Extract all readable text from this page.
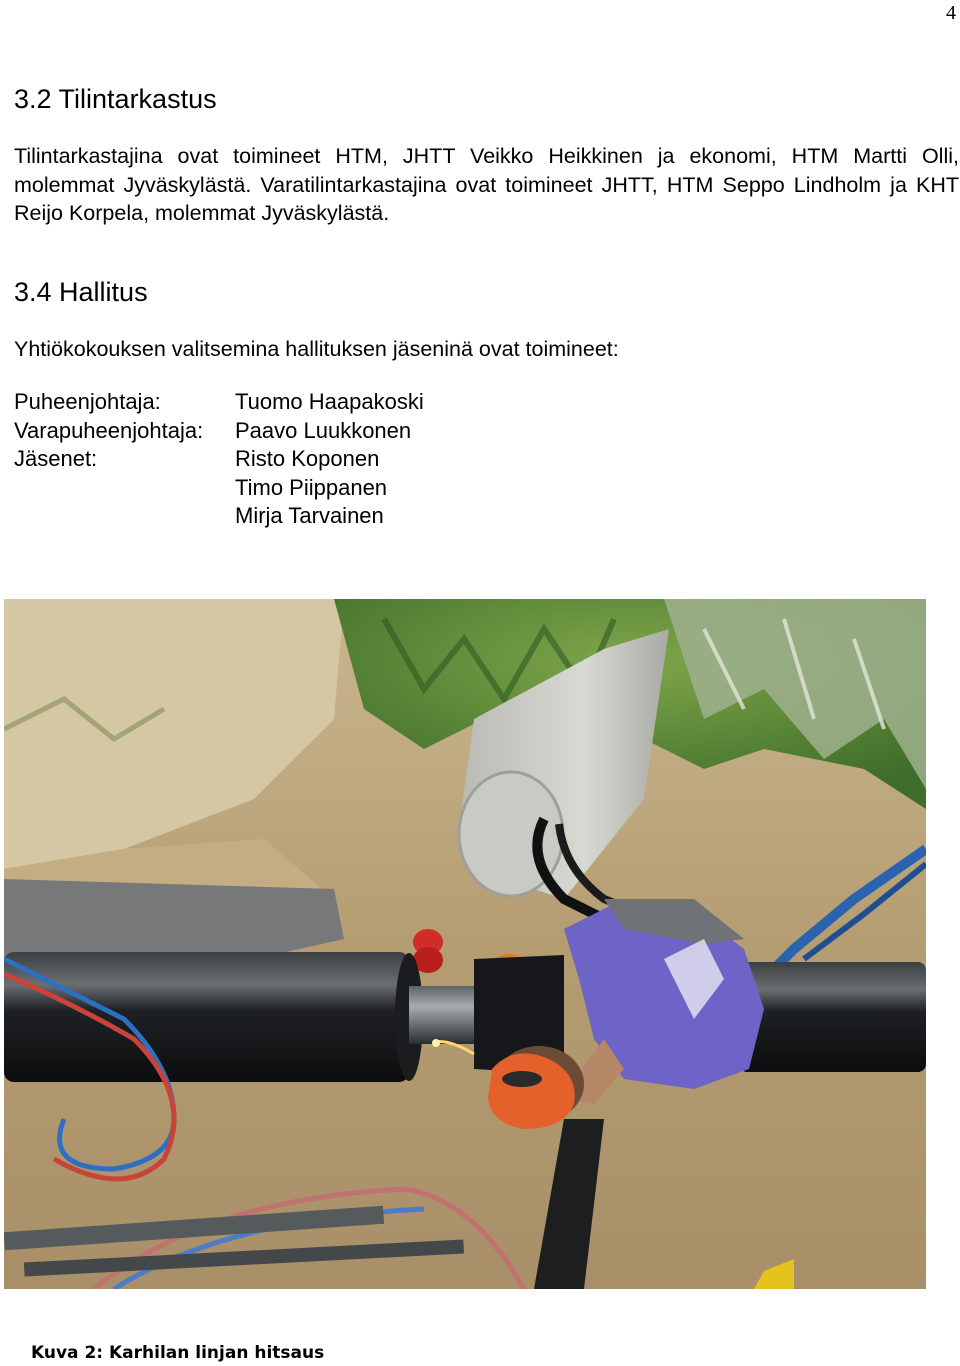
4
3.2 Tilintarkastus

Tilintarkastajina ovat toimineet HTM, JHTT Veikko Heikkinen ja ekonomi, HTM Martti Olli, molemmat Jyväskylästä. Varatilintarkastajina ovat toimineet JHTT, HTM Seppo Lindholm ja KHT Reijo Korpela, molemmat Jyväskylästä.

3.4 Hallitus

Yhtiökokouksen valitsemina hallituksen jäseninä ovat toimineet:

Puheenjohtaja:	Tuomo Haapakoski
Varapuheenjohtaja:	Paavo Luukkonen
Jäsenet:	Risto Koponen
	Timo Piippanen
	Mirja Tarvainen
Kuva 2: Karhilan linjan hitsaus
